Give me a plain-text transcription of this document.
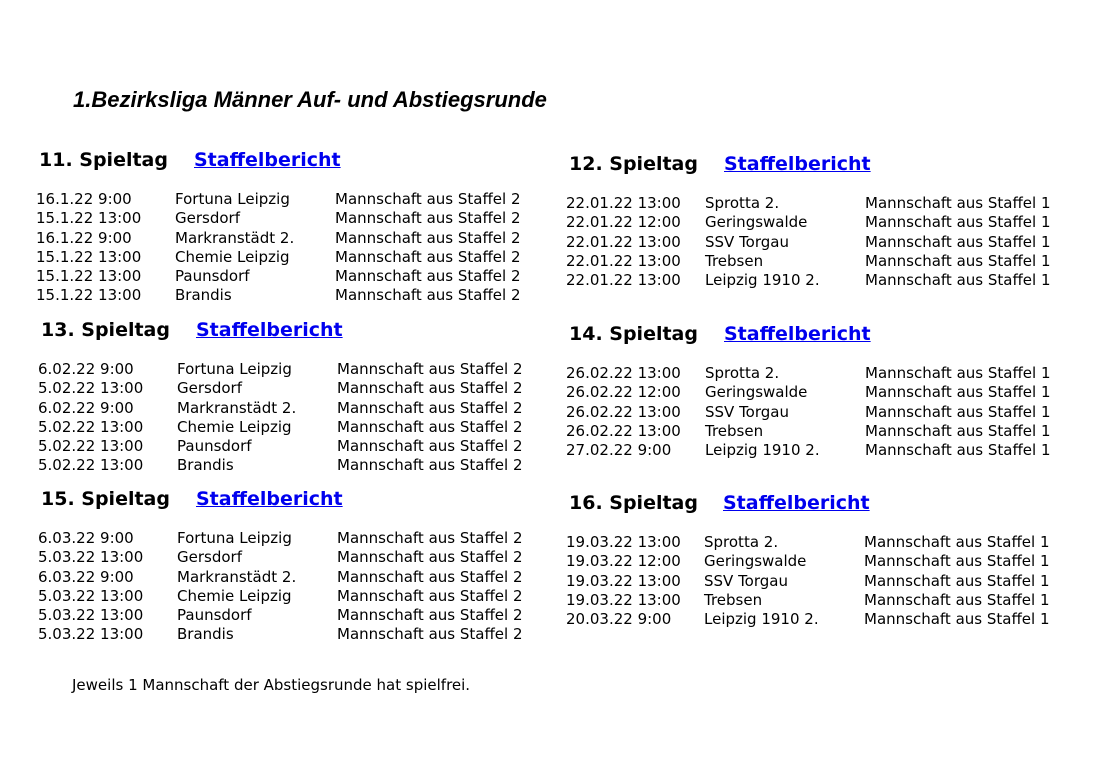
1.Bezirksliga Männer Auf- und Abstiegsrunde
11. Spieltag Staffelbericht
16.1.22 9:00	Fortuna Leipzig	Mannschaft aus Staffel 2
15.1.22 13:00 Gersdorf	Mannschaft aus Staffel 2
16.1.22 9:00	Markranstädt 2.	Mannschaft aus Staffel 2
15.1.22 13:00 Chemie Leipzig	Mannschaft aus Staffel 2
15.1.22 13:00 Paunsdorf	Mannschaft aus Staffel 2
15.1.22 13:00 Brandis	Mannschaft aus Staffel 2
12. Spieltag Staffelbericht
22.01.22 13:00 Sprotta 2.	Mannschaft aus Staffel 1
22.01.22 12:00 Geringswalde	Mannschaft aus Staffel 1
22.01.22 13:00 SSV Torgau	Mannschaft aus Staffel 1
22.01.22 13:00 Trebsen	Mannschaft aus Staffel 1
22.01.22 13:00 Leipzig 1910 2.	Mannschaft aus Staffel 1
13. Spieltag Staffelbericht
6.02.22 9:00	Fortuna Leipzig	Mannschaft aus Staffel 2
5.02.22 13:00 Gersdorf	Mannschaft aus Staffel 2
6.02.22 9:00	Markranstädt 2.	Mannschaft aus Staffel 2
5.02.22 13:00 Chemie Leipzig	Mannschaft aus Staffel 2
5.02.22 13:00 Paunsdorf	Mannschaft aus Staffel 2
5.02.22 13:00 Brandis	Mannschaft aus Staffel 2
14. Spieltag Staffelbericht
26.02.22 13:00 Sprotta 2.	Mannschaft aus Staffel 1
26.02.22 12:00 Geringswalde	Mannschaft aus Staffel 1
26.02.22 13:00 SSV Torgau	Mannschaft aus Staffel 1
26.02.22 13:00 Trebsen	Mannschaft aus Staffel 1
27.02.22 9:00 Leipzig 1910 2.	Mannschaft aus Staffel 1
15. Spieltag Staffelbericht
6.03.22 9:00	Fortuna Leipzig	Mannschaft aus Staffel 2
5.03.22 13:00 Gersdorf	Mannschaft aus Staffel 2
6.03.22 9:00	Markranstädt 2.	Mannschaft aus Staffel 2
5.03.22 13:00 Chemie Leipzig	Mannschaft aus Staffel 2
5.03.22 13:00 Paunsdorf	Mannschaft aus Staffel 2
5.03.22 13:00 Brandis	Mannschaft aus Staffel 2
16. Spieltag Staffelbericht
19.03.22 13:00 Sprotta 2.	Mannschaft aus Staffel 1
19.03.22 12:00 Geringswalde	Mannschaft aus Staffel 1
19.03.22 13:00 SSV Torgau	Mannschaft aus Staffel 1
19.03.22 13:00 Trebsen	Mannschaft aus Staffel 1
20.03.22 9:00 Leipzig 1910 2.	Mannschaft aus Staffel 1
Jeweils 1 Mannschaft der Abstiegsrunde hat spielfrei.
